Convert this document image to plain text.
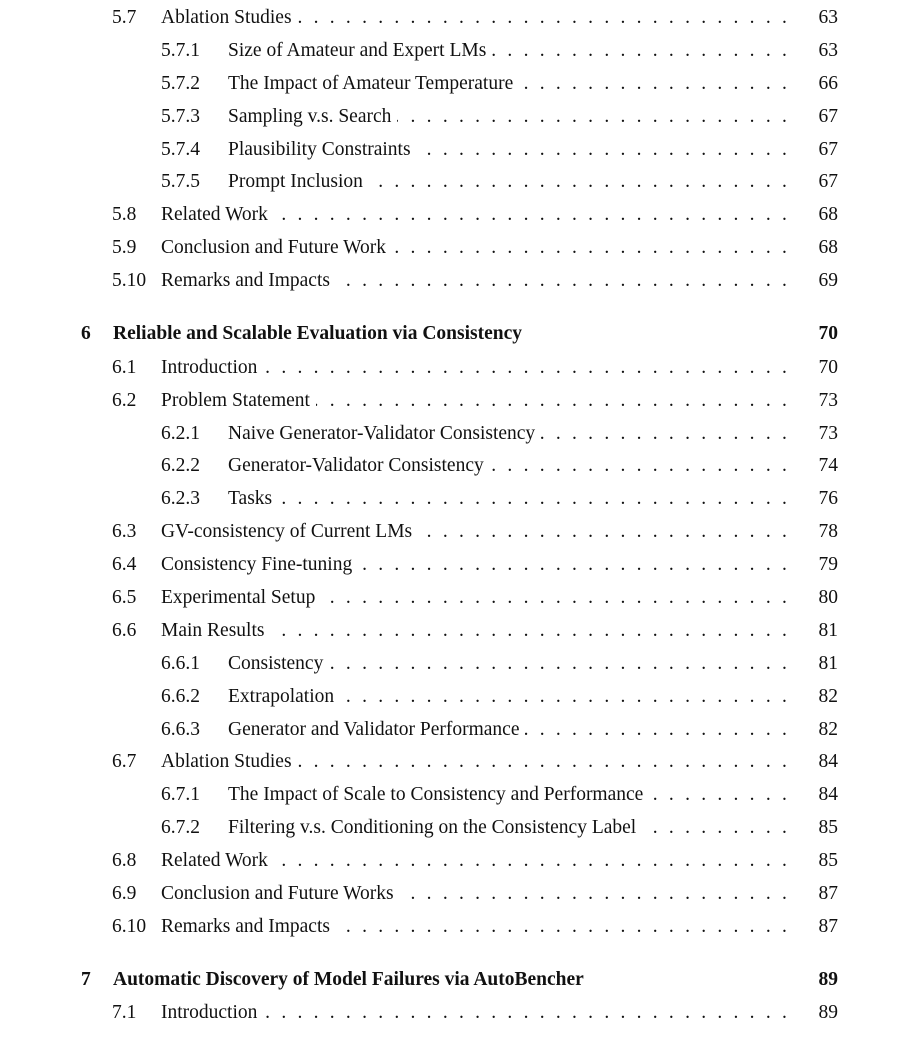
5.7 . . . Ablation Studies	63
5.7.1 . . . Size of Amateur and Expert LMs	63
5.7.2 . . . The Impact of Amateur Temperature	66
5.7.3 . . . Sampling v.s. Search	67
5.7.4 . . . Plausibility Constraints	67
5.7.5 . . . Prompt Inclusion	67
5.8 . . . Related Work	68
5.9 . . . Conclusion and Future Work	68
5.10 . . . Remarks and Impacts	69
6 Reliable and Scalable Evaluation via Consistency	70
6.1 . . . Introduction	70
6.2 . . . Problem Statement	73
6.2.1 . . . Naive Generator-Validator Consistency	73
6.2.2 . . . Generator-Validator Consistency	74
6.2.3 . . . Tasks	76
6.3 . . . GV-consistency of Current LMs	78
6.4 . . . Consistency Fine-tuning	79
6.5 . . . Experimental Setup	80
6.6 . . . Main Results	81
6.6.1 . . . Consistency	81
6.6.2 . . . Extrapolation	82
6.6.3 . . . Generator and Validator Performance	82
6.7 . . . Ablation Studies	84
6.7.1 . . . The Impact of Scale to Consistency and Performance	84
6.7.2 . . . Filtering v.s. Conditioning on the Consistency Label	85
6.8 . . . Related Work	85
6.9 . . . Conclusion and Future Works	87
6.10 . . . Remarks and Impacts	87
7 Automatic Discovery of Model Failures via AutoBencher	89
7.1 . . . Introduction	89
